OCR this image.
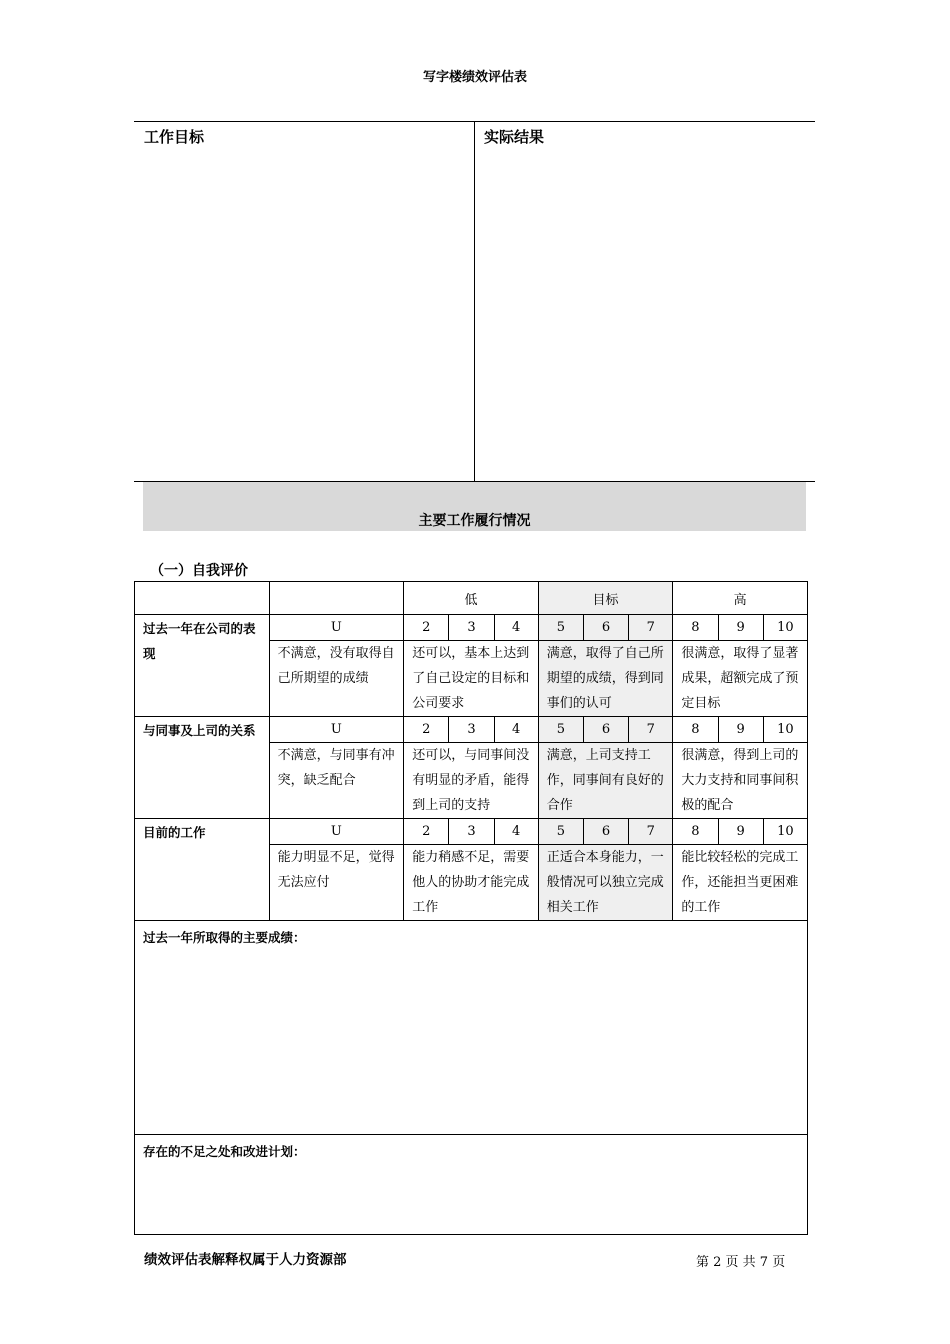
写字楼绩效评估表
工作目标	实际结果
主要工作履行情况
（一）自我评价
		低			目标			高		
过去一年在公司的表现	U	2	3	4	5	6	7	8	9	10
	不满意，没有取得自己所期望的成绩	还可以，基本上达到了自己设定的目标和公司要求			满意，取得了自己所期望的成绩，得到同事们的认可			很满意，取得了显著成果，超额完成了预定目标		
与同事及上司的关系	U	2	3	4	5	6	7	8	9	10
	不满意，与同事有冲突，缺乏配合	还可以，与同事间没有明显的矛盾，能得到上司的支持			满意，上司支持工作，同事间有良好的合作			很满意，得到上司的大力支持和同事间积极的配合		
目前的工作	U	2	3	4	5	6	7	8	9	10
	能力明显不足，觉得无法应付	能力稍感不足，需要他人的协助才能完成工作			正适合本身能力，一般情况可以独立完成相关工作			能比较轻松的完成工作，还能担当更困难的工作		
过去一年所取得的主要成绩：										
存在的不足之处和改进计划：										
绩效评估表解释权属于人力资源部	第 2 页 共 7 页
